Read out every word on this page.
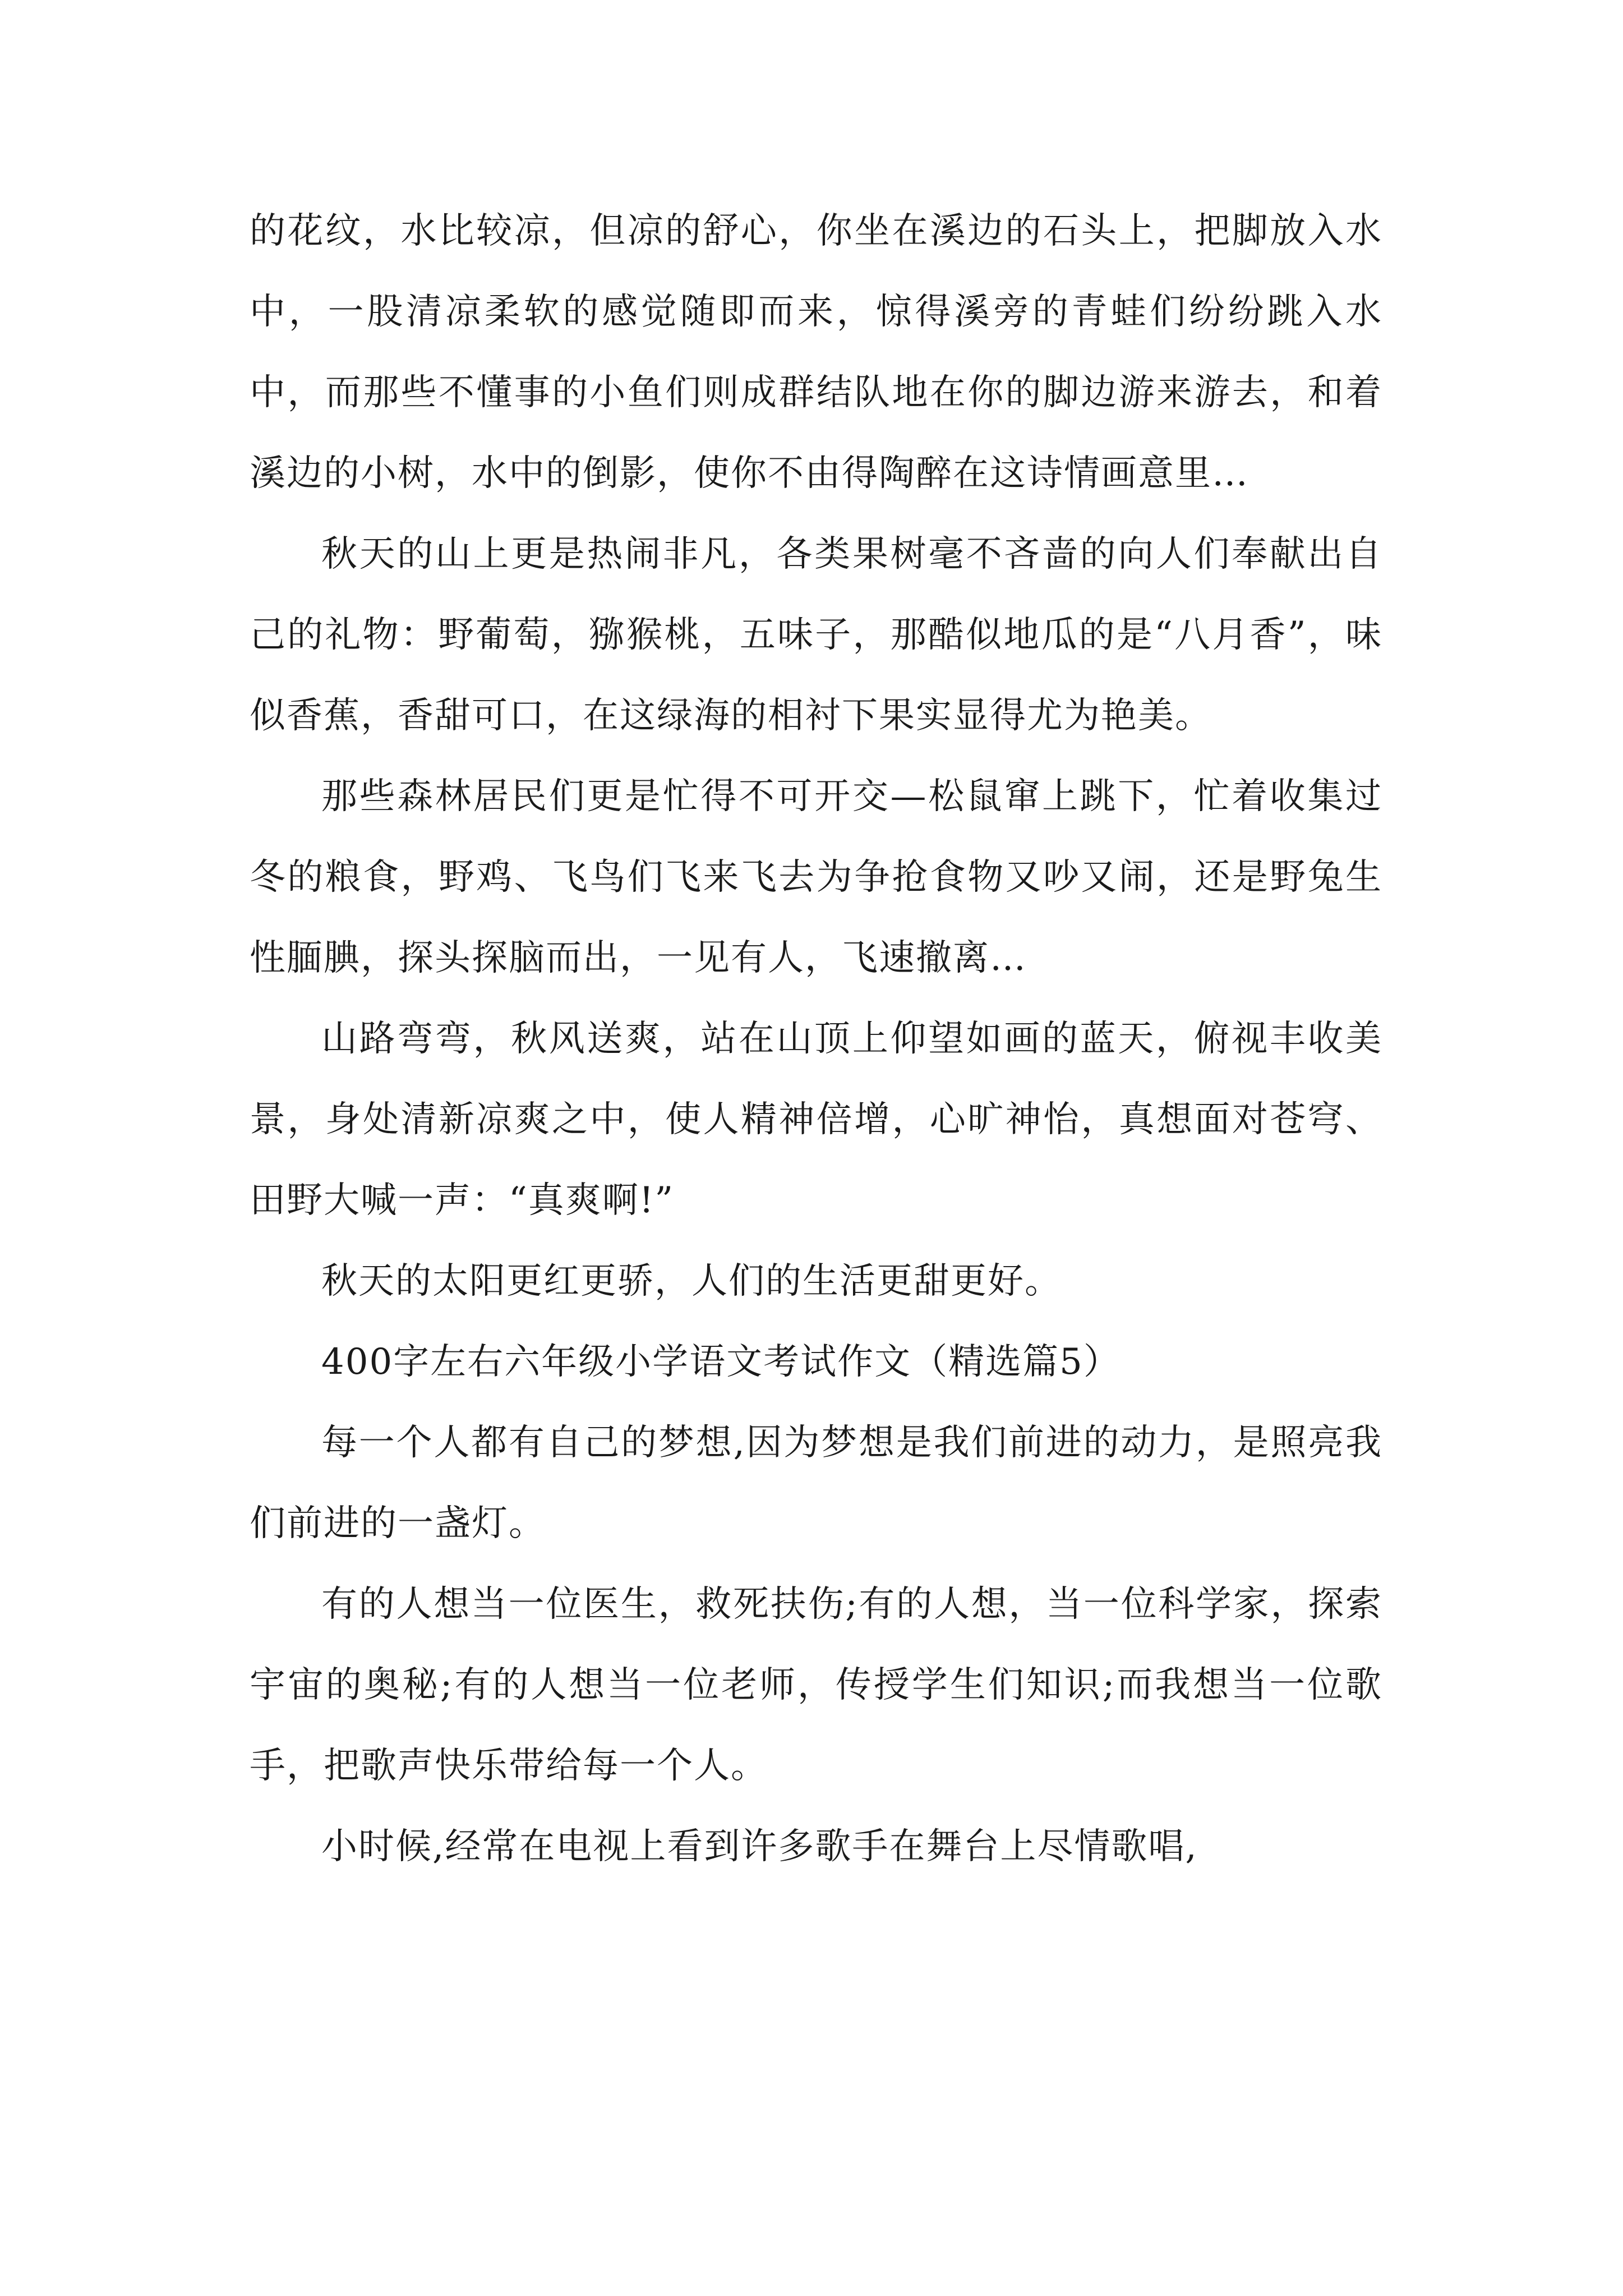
的花纹，水比较凉，但凉的舒心，你坐在溪边的石头上，把脚放入水中，一股清凉柔软的感觉随即而来，惊得溪旁的青蛙们纷纷跳入水中，而那些不懂事的小鱼们则成群结队地在你的脚边游来游去，和着溪边的小树，水中的倒影，使你不由得陶醉在这诗情画意里…

秋天的山上更是热闹非凡，各类果树毫不吝啬的向人们奉献出自己的礼物：野葡萄，猕猴桃，五味子，那酷似地瓜的是“八月香”，味似香蕉，香甜可口，在这绿海的相衬下果实显得尤为艳美。

那些森林居民们更是忙得不可开交—松鼠窜上跳下，忙着收集过冬的粮食，野鸡、飞鸟们飞来飞去为争抢食物又吵又闹，还是野兔生性腼腆，探头探脑而出，一见有人，飞速撤离…

山路弯弯，秋风送爽，站在山顶上仰望如画的蓝天，俯视丰收美景，身处清新凉爽之中，使人精神倍增，心旷神怡，真想面对苍穹、田野大喊一声：“真爽啊!”

秋天的太阳更红更骄，人们的生活更甜更好。

400字左右六年级小学语文考试作文（精选篇5）

每一个人都有自己的梦想,因为梦想是我们前进的动力，是照亮我们前进的一盏灯。

有的人想当一位医生，救死扶伤;有的人想，当一位科学家，探索宇宙的奥秘;有的人想当一位老师，传授学生们知识;而我想当一位歌手，把歌声快乐带给每一个人。

小时候,经常在电视上看到许多歌手在舞台上尽情歌唱,
